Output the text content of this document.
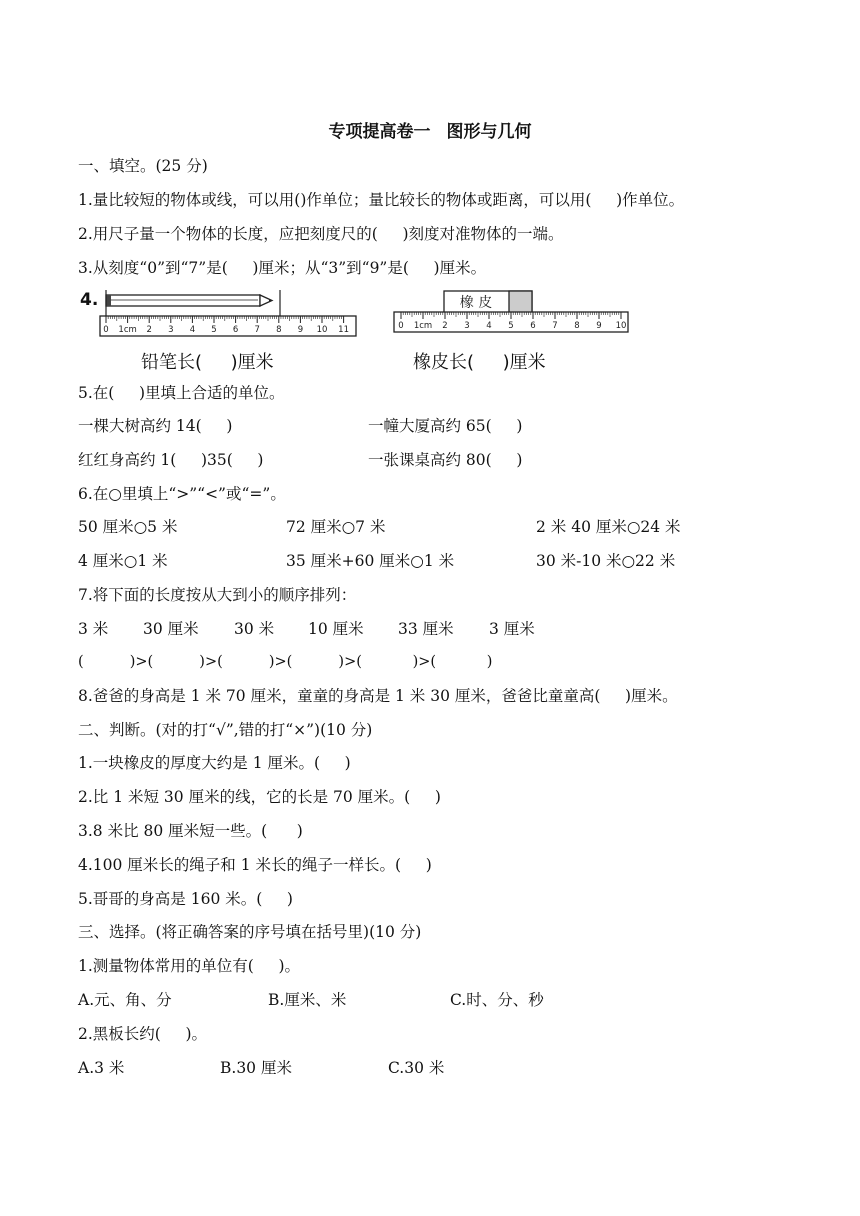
专项提高卷一 图形与几何
一、填空。(25 分)
1.量比较短的物体或线，可以用()作单位；量比较长的物体或距离，可以用(     )作单位。
2.用尺子量一个物体的长度，应把刻度尺的(     )刻度对准物体的一端。
3.从刻度“0”到“7”是(     )厘米；从“3”到“9”是(     )厘米。
4.
0 1cm 2 3 4 5 6 7 8 9 10 11
橡 皮
0 1cm 2 3 4 5 6 7 8 9 10
铅笔长(     )厘米	橡皮长(     )厘米
5.在(     )里填上合适的单位。
一棵大树高约 14(     )	一幢大厦高约 65(     )
红红身高约 1(     )35(     )	一张课桌高约 80(     )
6.在○里填上“>”“<”或“=”。
50 厘米○5 米	72 厘米○7 米	2 米 40 厘米○24 米
4 厘米○1 米	35 厘米+60 厘米○1 米	30 米-10 米○22 米
7.将下面的长度按从大到小的顺序排列：
3 米 30 厘米 30 米 10 厘米 33 厘米 3 厘米
(          )>(          )>(          )>(          )>(           )>(           )
8.爸爸的身高是 1 米 70 厘米，童童的身高是 1 米 30 厘米，爸爸比童童高(     )厘米。
二、判断。(对的打“√”,错的打“×”)(10 分)
1.一块橡皮的厚度大约是 1 厘米。(     )
2.比 1 米短 30 厘米的线，它的长是 70 厘米。(     )
3.8 米比 80 厘米短一些。(      )
4.100 厘米长的绳子和 1 米长的绳子一样长。(     )
5.哥哥的身高是 160 米。(     )
三、选择。(将正确答案的序号填在括号里)(10 分)
1.测量物体常用的单位有(     )。
A.元、角、分	B.厘米、米	C.时、分、秒
2.黑板长约(     )。
A.3 米	B.30 厘米	C.30 米
